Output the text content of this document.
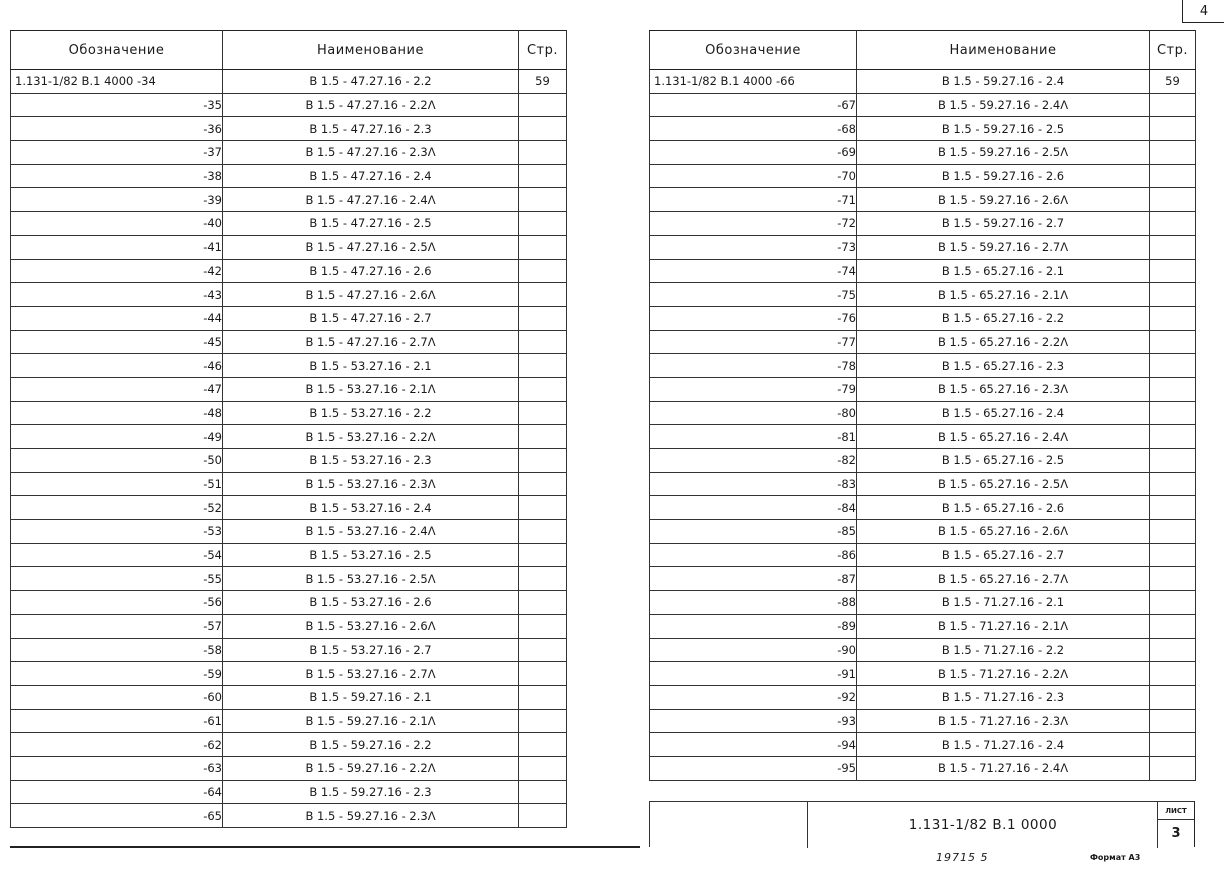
4
Обозначение	Наименование	Стр.
1.131-1/82 В.1 4000 -34	В 1.5 - 47.27.16 - 2.2	59
-35	В 1.5 - 47.27.16 - 2.2Λ	
-36	В 1.5 - 47.27.16 - 2.3	
-37	В 1.5 - 47.27.16 - 2.3Λ	
-38	В 1.5 - 47.27.16 - 2.4	
-39	В 1.5 - 47.27.16 - 2.4Λ	
-40	В 1.5 - 47.27.16 - 2.5	
-41	В 1.5 - 47.27.16 - 2.5Λ	
-42	В 1.5 - 47.27.16 - 2.6	
-43	В 1.5 - 47.27.16 - 2.6Λ	
-44	В 1.5 - 47.27.16 - 2.7	
-45	В 1.5 - 47.27.16 - 2.7Λ	
-46	В 1.5 - 53.27.16 - 2.1	
-47	В 1.5 - 53.27.16 - 2.1Λ	
-48	В 1.5 - 53.27.16 - 2.2	
-49	В 1.5 - 53.27.16 - 2.2Λ	
-50	В 1.5 - 53.27.16 - 2.3	
-51	В 1.5 - 53.27.16 - 2.3Λ	
-52	В 1.5 - 53.27.16 - 2.4	
-53	В 1.5 - 53.27.16 - 2.4Λ	
-54	В 1.5 - 53.27.16 - 2.5	
-55	В 1.5 - 53.27.16 - 2.5Λ	
-56	В 1.5 - 53.27.16 - 2.6	
-57	В 1.5 - 53.27.16 - 2.6Λ	
-58	В 1.5 - 53.27.16 - 2.7	
-59	В 1.5 - 53.27.16 - 2.7Λ	
-60	В 1.5 - 59.27.16 - 2.1	
-61	В 1.5 - 59.27.16 - 2.1Λ	
-62	В 1.5 - 59.27.16 - 2.2	
-63	В 1.5 - 59.27.16 - 2.2Λ	
-64	В 1.5 - 59.27.16 - 2.3	
-65	В 1.5 - 59.27.16 - 2.3Λ	
Обозначение	Наименование	Стр.
1.131-1/82 В.1 4000 -66	В 1.5 - 59.27.16 - 2.4	59
-67	В 1.5 - 59.27.16 - 2.4Λ	
-68	В 1.5 - 59.27.16 - 2.5	
-69	В 1.5 - 59.27.16 - 2.5Λ	
-70	В 1.5 - 59.27.16 - 2.6	
-71	В 1.5 - 59.27.16 - 2.6Λ	
-72	В 1.5 - 59.27.16 - 2.7	
-73	В 1.5 - 59.27.16 - 2.7Λ	
-74	В 1.5 - 65.27.16 - 2.1	
-75	В 1.5 - 65.27.16 - 2.1Λ	
-76	В 1.5 - 65.27.16 - 2.2	
-77	В 1.5 - 65.27.16 - 2.2Λ	
-78	В 1.5 - 65.27.16 - 2.3	
-79	В 1.5 - 65.27.16 - 2.3Λ	
-80	В 1.5 - 65.27.16 - 2.4	
-81	В 1.5 - 65.27.16 - 2.4Λ	
-82	В 1.5 - 65.27.16 - 2.5	
-83	В 1.5 - 65.27.16 - 2.5Λ	
-84	В 1.5 - 65.27.16 - 2.6	
-85	В 1.5 - 65.27.16 - 2.6Λ	
-86	В 1.5 - 65.27.16 - 2.7	
-87	В 1.5 - 65.27.16 - 2.7Λ	
-88	В 1.5 - 71.27.16 - 2.1	
-89	В 1.5 - 71.27.16 - 2.1Λ	
-90	В 1.5 - 71.27.16 - 2.2	
-91	В 1.5 - 71.27.16 - 2.2Λ	
-92	В 1.5 - 71.27.16 - 2.3	
-93	В 1.5 - 71.27.16 - 2.3Λ	
-94	В 1.5 - 71.27.16 - 2.4	
-95	В 1.5 - 71.27.16 - 2.4Λ	
1.131-1/82 В.1 0000
ЛИСТ
3
19715 5	Формат А3
